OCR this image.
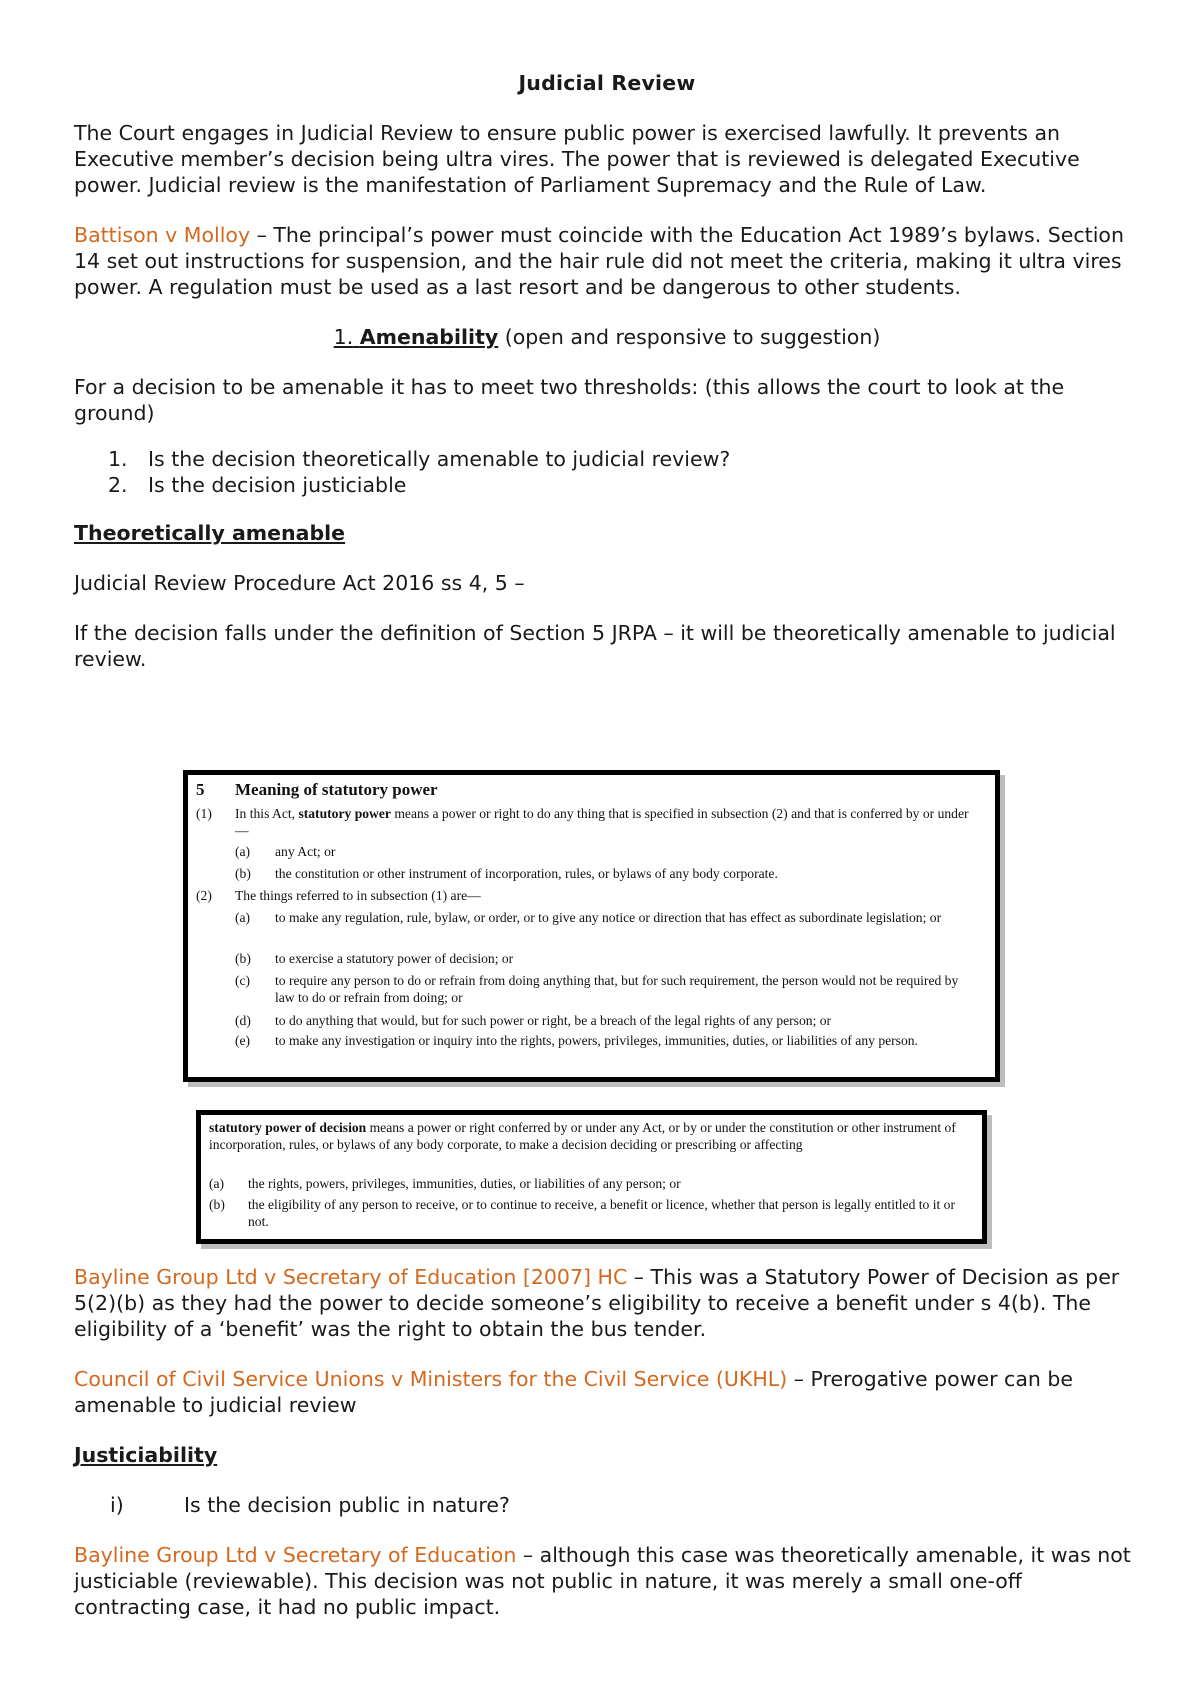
Judicial Review

The Court engages in Judicial Review to ensure public power is exercised lawfully. It prevents an Executive member’s decision being ultra vires. The power that is reviewed is delegated Executive power. Judicial review is the manifestation of Parliament Supremacy and the Rule of Law.

Battison v Molloy – The principal’s power must coincide with the Education Act 1989’s bylaws. Section 14 set out instructions for suspension, and the hair rule did not meet the criteria, making it ultra vires power. A regulation must be used as a last resort and be dangerous to other students.

1. Amenability (open and responsive to suggestion)

For a decision to be amenable it has to meet two thresholds: (this allows the court to look at the ground)

1. Is the decision theoretically amenable to judicial review?
2. Is the decision justiciable

Theoretically amenable

Judicial Review Procedure Act 2016 ss 4, 5 –

If the decision falls under the definition of Section 5 JRPA – it will be theoretically amenable to judicial review.

5 Meaning of statutory power
(1) In this Act, statutory power means a power or right to do any thing that is specified in subsection (2) and that is conferred by or under—
(a)	any Act; or
(b)	the constitution or other instrument of incorporation, rules, or bylaws of any body corporate.
(2) The things referred to in subsection (1) are—
(a)	to make any regulation, rule, bylaw, or order, or to give any notice or direction that has effect as subordinate legislation; or
(b)	to exercise a statutory power of decision; or
(c)	to require any person to do or refrain from doing anything that, but for such requirement, the person would not be required by law to do or refrain from doing; or
(d)	to do anything that would, but for such power or right, be a breach of the legal rights of any person; or
(e)	to make any investigation or inquiry into the rights, powers, privileges, immunities, duties, or liabilities of any person.
statutory power of decision means a power or right conferred by or under any Act, or by or under the constitution or other instrument of incorporation, rules, or bylaws of any body corporate, to make a decision deciding or prescribing or affecting
(a) the rights, powers, privileges, immunities, duties, or liabilities of any person; or
(b) the eligibility of any person to receive, or to continue to receive, a benefit or licence, whether that person is legally entitled to it or not.

Bayline Group Ltd v Secretary of Education [2007] HC – This was a Statutory Power of Decision as per 5(2)(b) as they had the power to decide someone’s eligibility to receive a benefit under s 4(b). The eligibility of a ‘benefit’ was the right to obtain the bus tender.

Council of Civil Service Unions v Ministers for the Civil Service (UKHL) – Prerogative power can be amenable to judicial review

Justiciability

i)	Is the decision public in nature?

Bayline Group Ltd v Secretary of Education – although this case was theoretically amenable, it was not justiciable (reviewable). This decision was not public in nature, it was merely a small one-off contracting case, it had no public impact.
